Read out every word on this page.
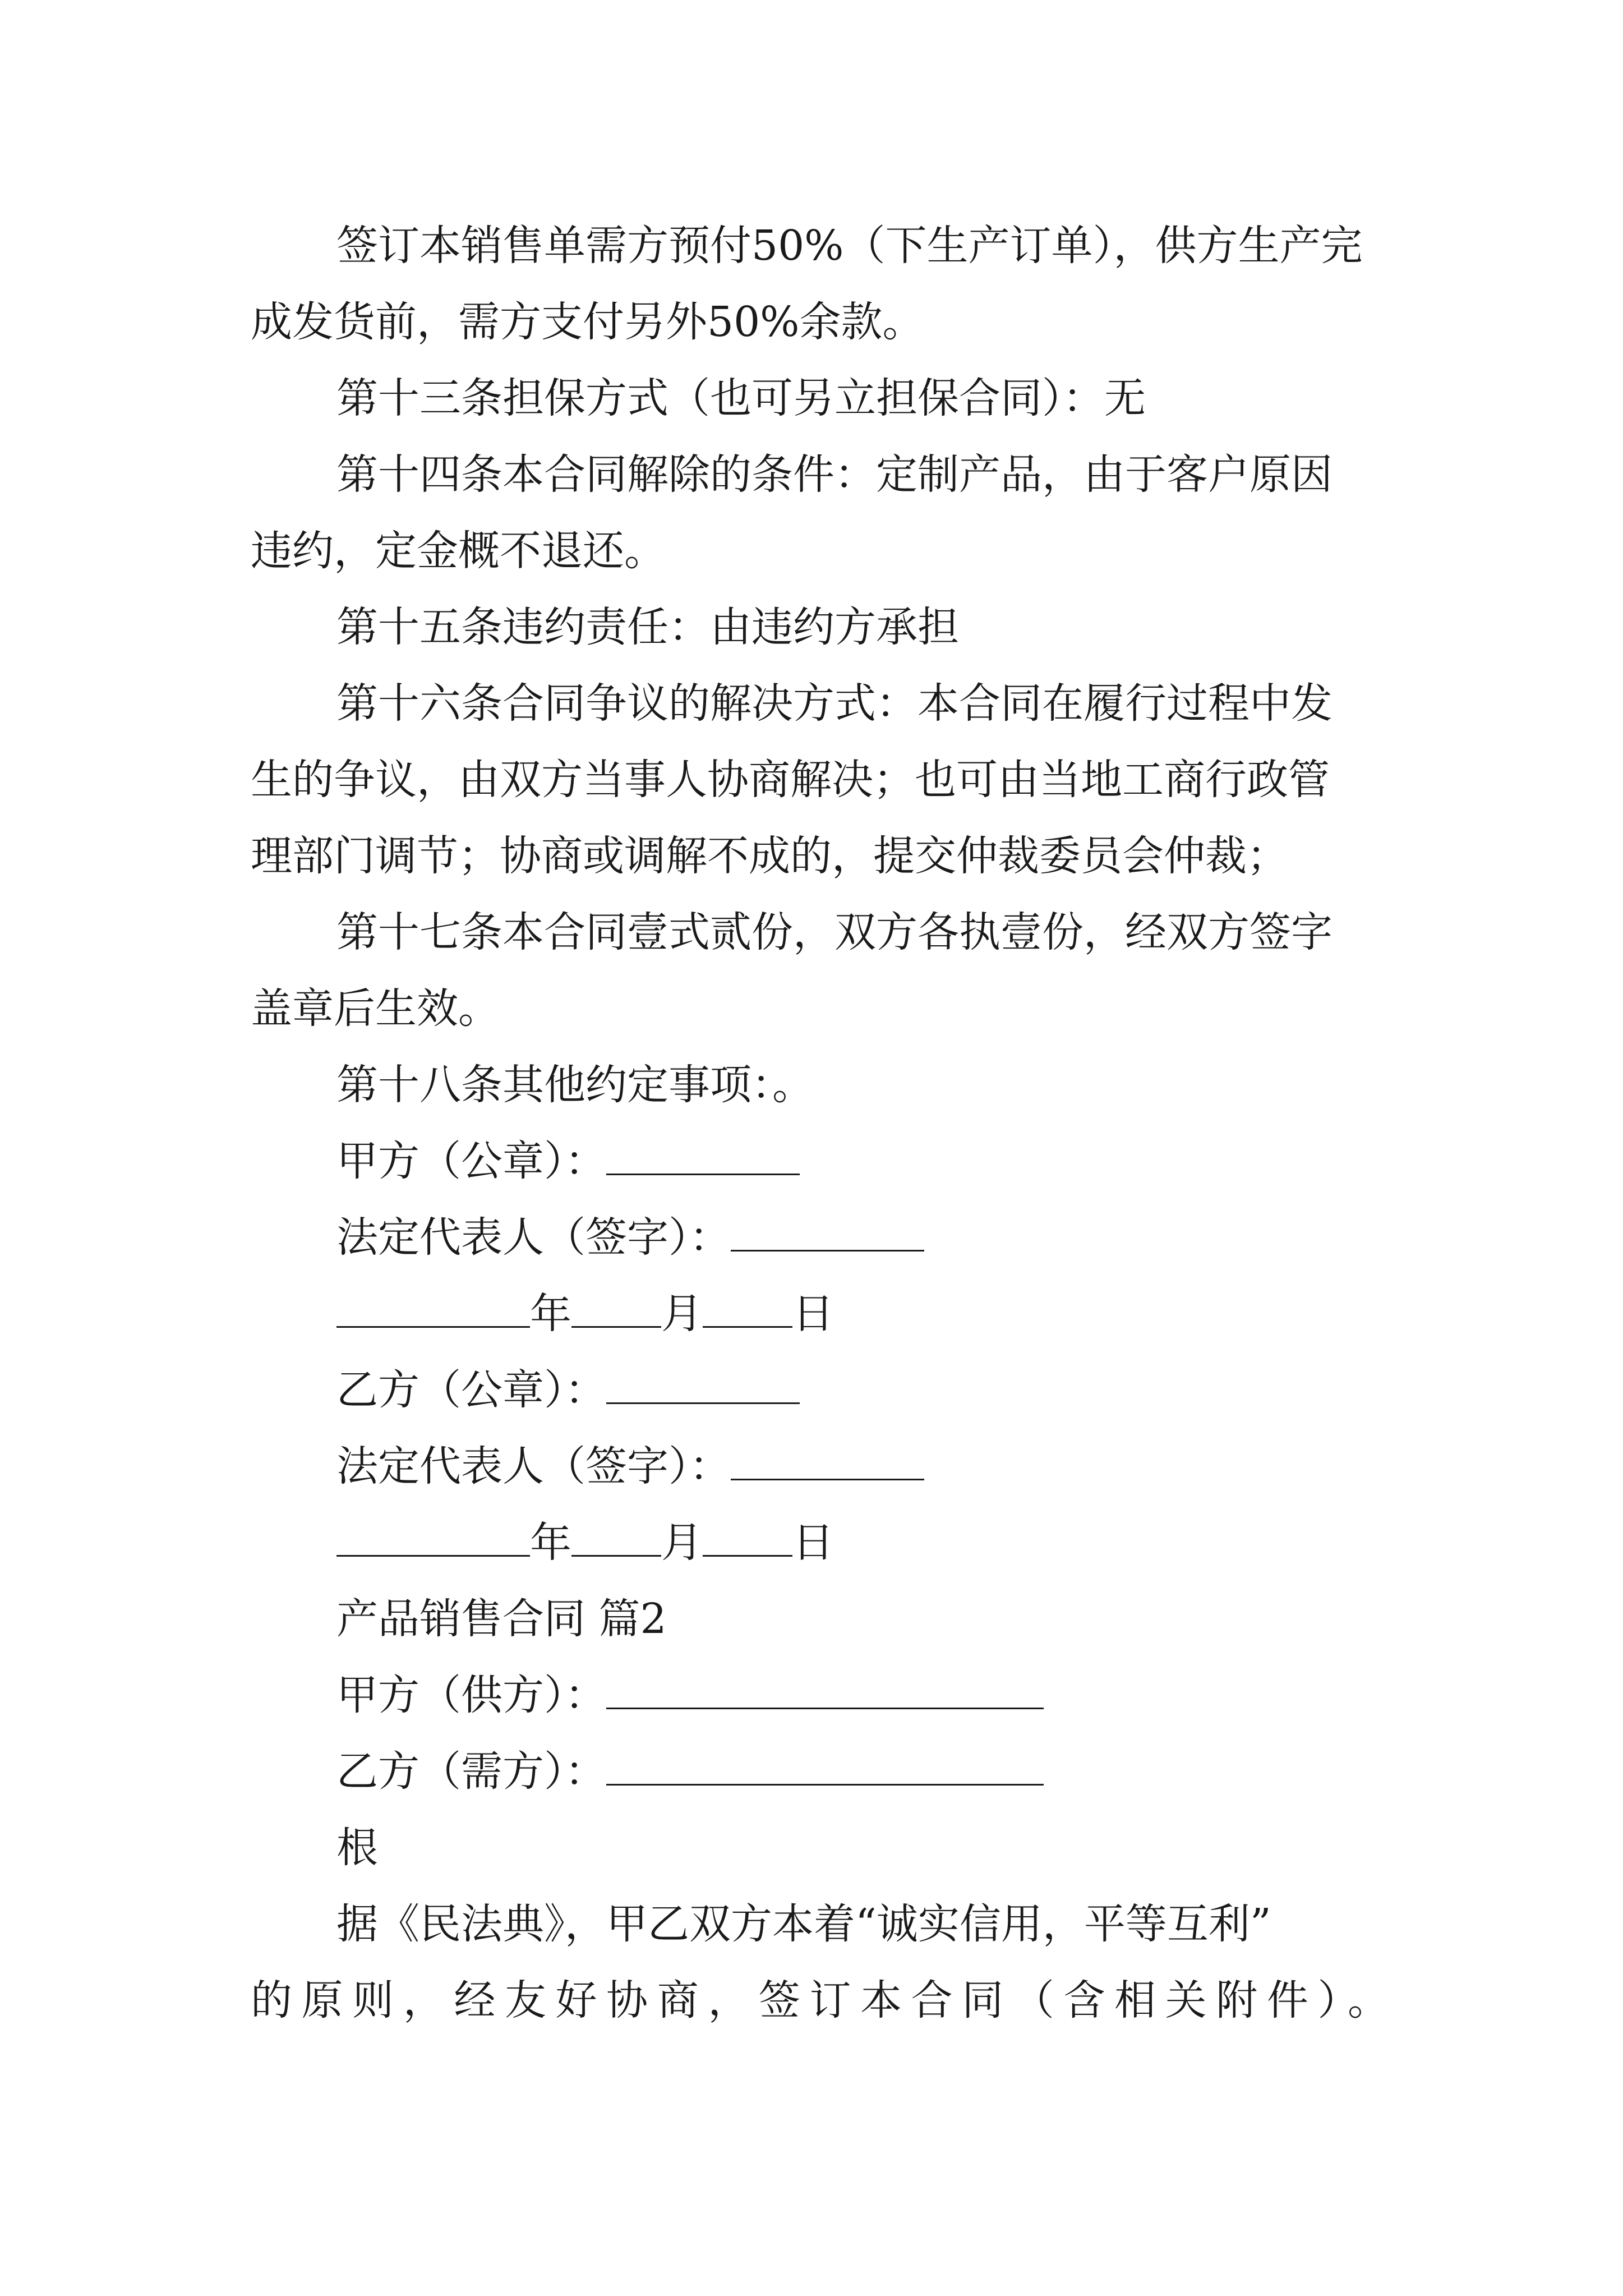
签订本销售单需方预付50%（下生产订单），供方生产完
成发货前，需方支付另外50%余款。
第十三条担保方式（也可另立担保合同）：无
第十四条本合同解除的条件：定制产品，由于客户原因
违约，定金概不退还。
第十五条违约责任：由违约方承担
第十六条合同争议的解决方式：本合同在履行过程中发
生的争议，由双方当事人协商解决；也可由当地工商行政管
理部门调节；协商或调解不成的，提交仲裁委员会仲裁；
第十七条本合同壹式贰份，双方各执壹份，经双方签字
盖章后生效。
第十八条其他约定事项：。
甲方（公章）：
法定代表人（签字）：
年 月 日
乙方（公章）：
法定代表人（签字）：
年 月 日
产品销售合同 篇2
甲方（供方）：
乙方（需方）：
根
据《民法典》，甲乙双方本着“诚实信用，平等互利”
的原则，经友好协商，签订本合同（含相关附件）。
